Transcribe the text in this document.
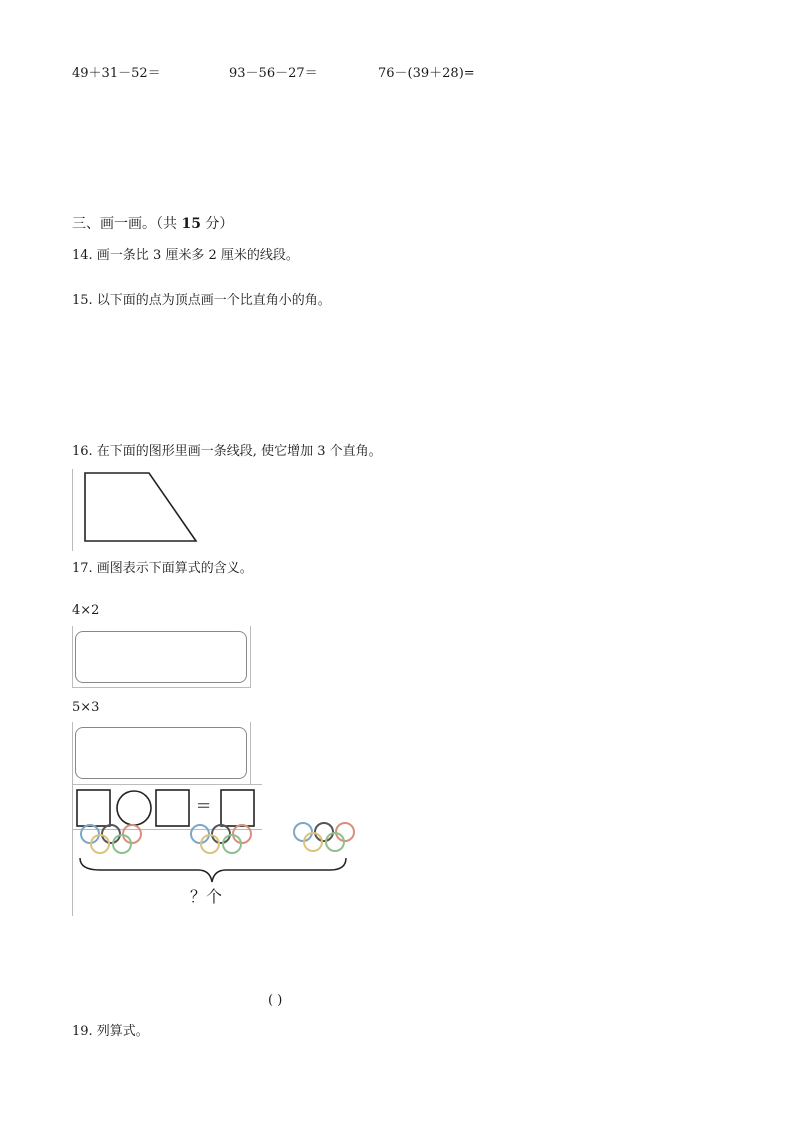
49＋31－52＝	93－56－27＝	76－(39＋28)=
三、画一画。（共 15 分）
14. 画一条比 3 厘米多 2 厘米的线段。
15. 以下面的点为顶点画一个比直角小的角。
16. 在下面的图形里画一条线段, 使它增加 3 个直角。
17. 画图表示下面算式的含义。
4×2
5×3
=
？个
( )
19. 列算式。
